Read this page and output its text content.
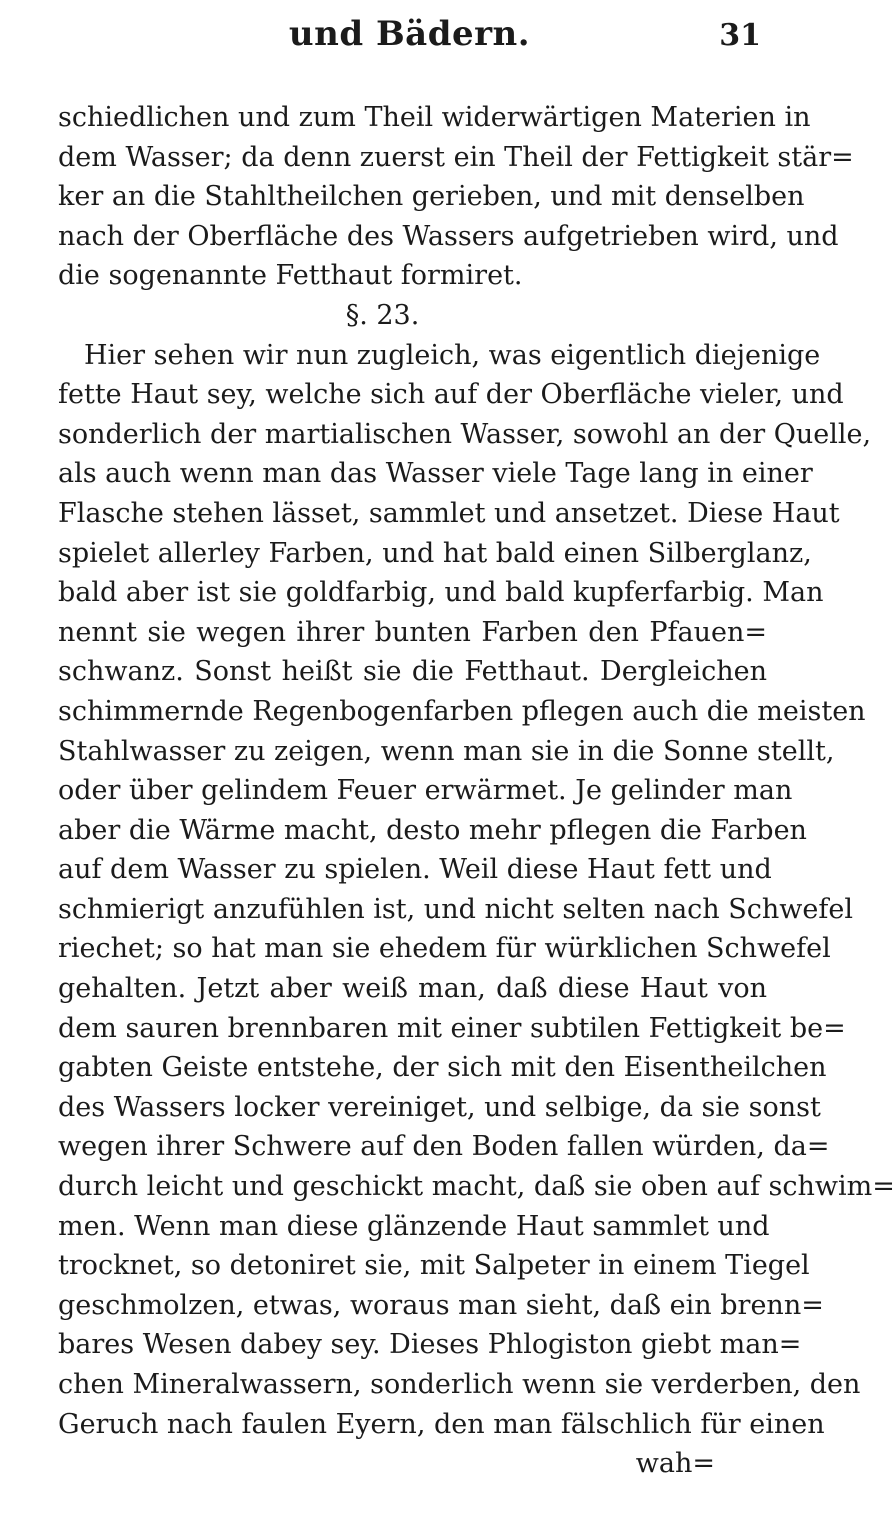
und Bädern.	31
schiedlichen und zum Theil widerwärtigen Materien in
dem Wasser; da denn zuerst ein Theil der Fettigkeit stär=
ker an die Stahltheilchen gerieben, und mit denselben
nach der Oberfläche des Wassers aufgetrieben wird, und
die sogenannte Fetthaut formiret.
§. 23.
Hier sehen wir nun zugleich, was eigentlich diejenige
fette Haut sey, welche sich auf der Oberfläche vieler, und
sonderlich der martialischen Wasser, sowohl an der Quelle,
als auch wenn man das Wasser viele Tage lang in einer
Flasche stehen lässet, sammlet und ansetzet. Diese Haut
spielet allerley Farben, und hat bald einen Silberglanz,
bald aber ist sie goldfarbig, und bald kupferfarbig. Man
nennt sie wegen ihrer bunten Farben den Pfauen=
schwanz. Sonst heißt sie die Fetthaut. Dergleichen
schimmernde Regenbogenfarben pflegen auch die meisten
Stahlwasser zu zeigen, wenn man sie in die Sonne stellt,
oder über gelindem Feuer erwärmet. Je gelinder man
aber die Wärme macht, desto mehr pflegen die Farben
auf dem Wasser zu spielen. Weil diese Haut fett und
schmierigt anzufühlen ist, und nicht selten nach Schwefel
riechet; so hat man sie ehedem für würklichen Schwefel
gehalten. Jetzt aber weiß man, daß diese Haut von
dem sauren brennbaren mit einer subtilen Fettigkeit be=
gabten Geiste entstehe, der sich mit den Eisentheilchen
des Wassers locker vereiniget, und selbige, da sie sonst
wegen ihrer Schwere auf den Boden fallen würden, da=
durch leicht und geschickt macht, daß sie oben auf schwim=
men. Wenn man diese glänzende Haut sammlet und
trocknet, so detoniret sie, mit Salpeter in einem Tiegel
geschmolzen, etwas, woraus man sieht, daß ein brenn=
bares Wesen dabey sey. Dieses Phlogiston giebt man=
chen Mineralwassern, sonderlich wenn sie verderben, den
Geruch nach faulen Eyern, den man fälschlich für einen
wah=
